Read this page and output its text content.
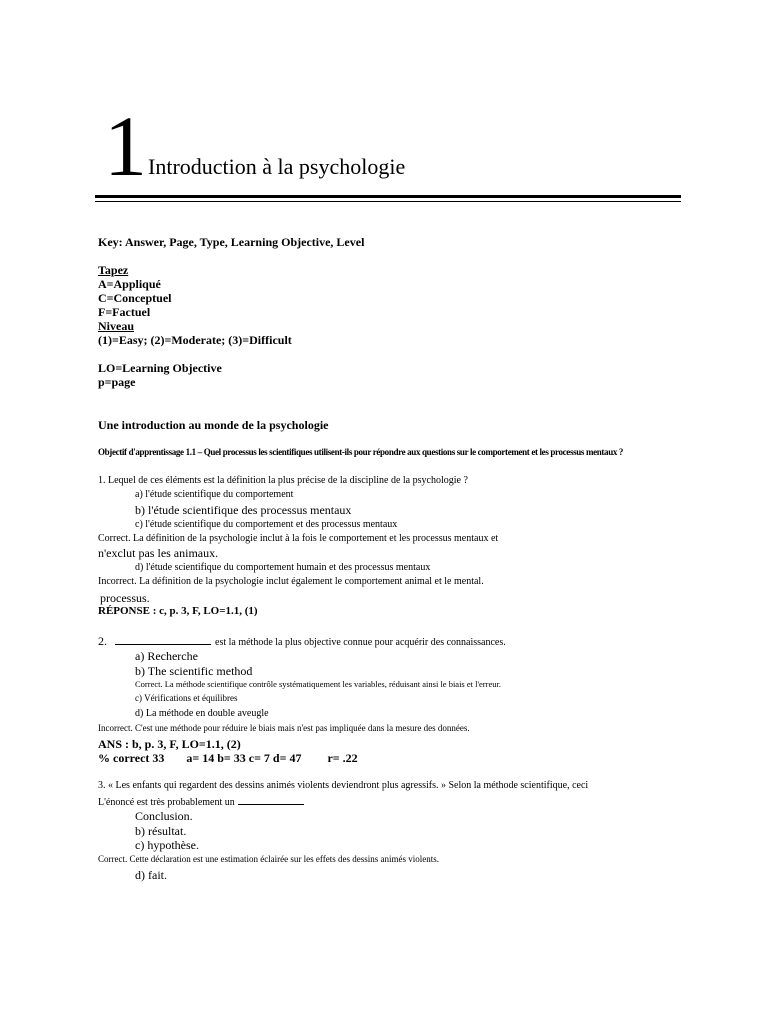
1 Introduction à la psychologie
Key: Answer, Page, Type, Learning Objective, Level
Tapez
A=Appliqué
C=Conceptuel
F=Factuel
Niveau
(1)=Easy; (2)=Moderate; (3)=Difficult
LO=Learning Objective
p=page
Une introduction au monde de la psychologie
Objectif d'apprentissage 1.1 – Quel processus les scientifiques utilisent-ils pour répondre aux questions sur le comportement et les processus mentaux ?
1. Lequel de ces éléments est la définition la plus précise de la discipline de la psychologie ?
a) l'étude scientifique du comportement
b) l'étude scientifique des processus mentaux
c) l'étude scientifique du comportement et des processus mentaux
Correct. La définition de la psychologie inclut à la fois le comportement et les processus mentaux et
n'exclut pas les animaux.
d) l'étude scientifique du comportement humain et des processus mentaux
Incorrect. La définition de la psychologie inclut également le comportement animal et le mental.
processus.
RÉPONSE : c, p. 3, F, LO=1.1, (1)
2.	est la méthode la plus objective connue pour acquérir des connaissances.
a) Recherche
b) The scientific method
Correct. La méthode scientifique contrôle systématiquement les variables, réduisant ainsi le biais et l'erreur.
c) Vérifications et équilibres
d) La méthode en double aveugle
Incorrect. C'est une méthode pour réduire le biais mais n'est pas impliquée dans la mesure des données.
ANS : b, p. 3, F, LO=1.1, (2)
% correct 33 a= 14 b= 33 c= 7 d= 47 r= .22
3. « Les enfants qui regardent des dessins animés violents deviendront plus agressifs. » Selon la méthode scientifique, ceci
L'énoncé est très probablement un
Conclusion.
b) résultat.
c) hypothèse.
Correct. Cette déclaration est une estimation éclairée sur les effets des dessins animés violents.
d) fait.
